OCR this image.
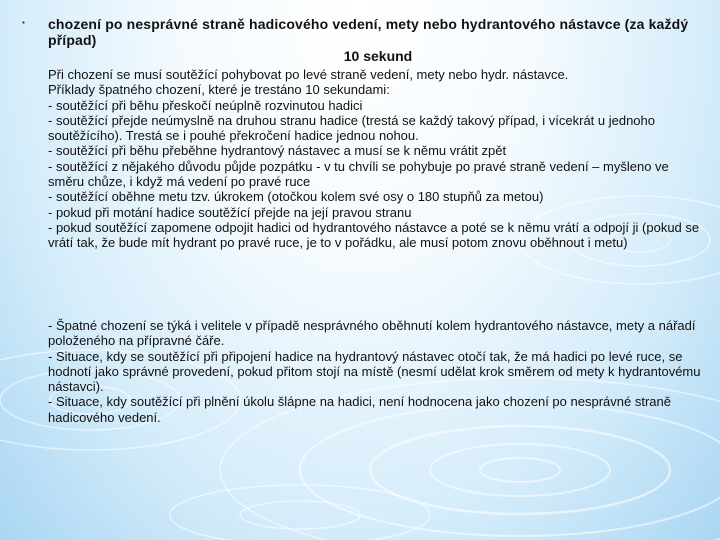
▪ chození po nesprávné straně hadicového vedení, mety nebo hydrantového nástavce (za každý případ)
10 sekund

Při chození se musí soutěžící pohybovat po levé straně vedení, mety nebo hydr. nástavce.

Příklady špatného chození, které je trestáno 10 sekundami:

- soutěžící při běhu přeskočí neúplně rozvinutou hadici

- soutěžící přejde neúmyslně na druhou stranu hadice (trestá se každý takový případ, i vícekrát u jednoho soutěžícího). Trestá se i pouhé překročení hadice jednou nohou.

- soutěžící při běhu přeběhne hydrantový nástavec a musí se k němu vrátit zpět

- soutěžící z nějakého důvodu půjde pozpátku - v tu chvíli se pohybuje po pravé straně vedení – myšleno ve směru chůze, i když má vedení po pravé ruce

- soutěžící oběhne metu tzv. úkrokem (otočkou kolem své osy o 180 stupňů za metou)

- pokud při motání hadice soutěžící přejde na její pravou stranu

- pokud soutěžící zapomene odpojit hadici od hydrantového nástavce a poté se k němu vrátí a odpojí ji (pokud se vrátí tak, že bude mít hydrant po pravé ruce, je to v pořádku, ale musí potom znovu oběhnout i metu)

- Špatné chození se týká i velitele v případě nesprávného oběhnutí kolem hydrantového nástavce, mety a nářadí položeného na přípravné čáře.

- Situace, kdy se soutěžící při připojení hadice na hydrantový nástavec otočí tak, že má hadici po levé ruce, se hodnotí jako správné provedení, pokud přitom stojí na místě (nesmí udělat krok směrem od mety k hydrantovému nástavci).

- Situace, kdy soutěžící při plnění úkolu šlápne na hadici, není hodnocena jako chození po nesprávné straně hadicového vedení.
